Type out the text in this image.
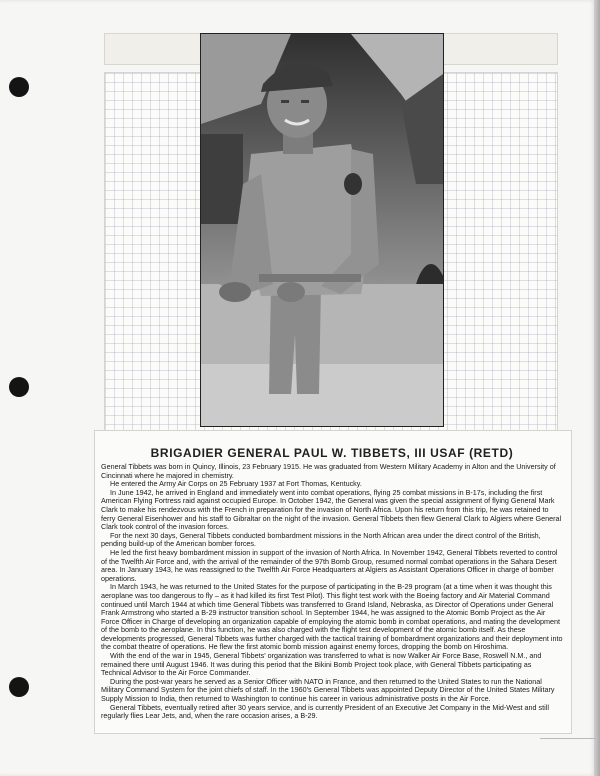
BRIGADIER GENERAL PAUL W. TIBBETS, III USAF (RETD)

General Tibbets was born in Quincy, Illinois, 23 February 1915. He was graduated from Western Military Academy in Alton and the University of Cincinnati where he majored in chemistry.

He entered the Army Air Corps on 25 February 1937 at Fort Thomas, Kentucky.

In June 1942, he arrived in England and immediately went into combat operations, flying 25 combat missions in B-17s, including the first American Flying Fortress raid against occupied Europe. In October 1942, the General was given the special assignment of flying General Mark Clark to make his rendezvous with the French in preparation for the invasion of North Africa. Upon his return from this trip, he was retained to ferry General Eisenhower and his staff to Gibraltar on the night of the invasion. General Tibbets then flew General Clark to Algiers where General Clark took control of the invasion forces.

For the next 30 days, General Tibbets conducted bombardment missions in the North African area under the direct control of the British, pending build-up of the American bomber forces.

He led the first heavy bombardment mission in support of the invasion of North Africa. In November 1942, General Tibbets reverted to control of the Twelfth Air Force and, with the arrival of the remainder of the 97th Bomb Group, resumed normal combat operations in the Sahara Desert area. In January 1943, he was reassigned to the Twelfth Air Force Headquarters at Algiers as Assistant Operations Officer in charge of bomber operations.

In March 1943, he was returned to the United States for the purpose of participating in the B-29 program (at a time when it was thought this aeroplane was too dangerous to fly – as it had killed its first Test Pilot). This flight test work with the Boeing factory and Air Material Command continued until March 1944 at which time General Tibbets was transferred to Grand Island, Nebraska, as Director of Operations under General Frank Armstrong who started a B-29 instructor transition school. In September 1944, he was assigned to the Atomic Bomb Project as the Air Force Officer in Charge of developing an organization capable of employing the atomic bomb in combat operations, and mating the development of the bomb to the aeroplane. In this function, he was also charged with the flight test development of the atomic bomb itself. As these developments progressed, General Tibbets was further charged with the tactical training of bombardment organizations and their deployment into the combat theatre of operations. He flew the first atomic bomb mission against enemy forces, dropping the bomb on Hiroshima.

With the end of the war in 1945, General Tibbets' organization was transferred to what is now Walker Air Force Base, Roswell N.M., and remained there until August 1946. It was during this period that the Bikini Bomb Project took place, with General Tibbets participating as Technical Advisor to the Air Force Commander.

During the post-war years he served as a Senior Officer with NATO in France, and then returned to the United States to run the National Military Command System for the joint chiefs of staff. In the 1960's General Tibbets was appointed Deputy Director of the United States Military Supply Mission to India, then returned to Washington to continue his career in various administrative posts in the Air Force.

General Tibbets, eventually retired after 30 years service, and is currently President of an Executive Jet Company in the Mid-West and still regularly flies Lear Jets, and, when the rare occasion arises, a B-29.
